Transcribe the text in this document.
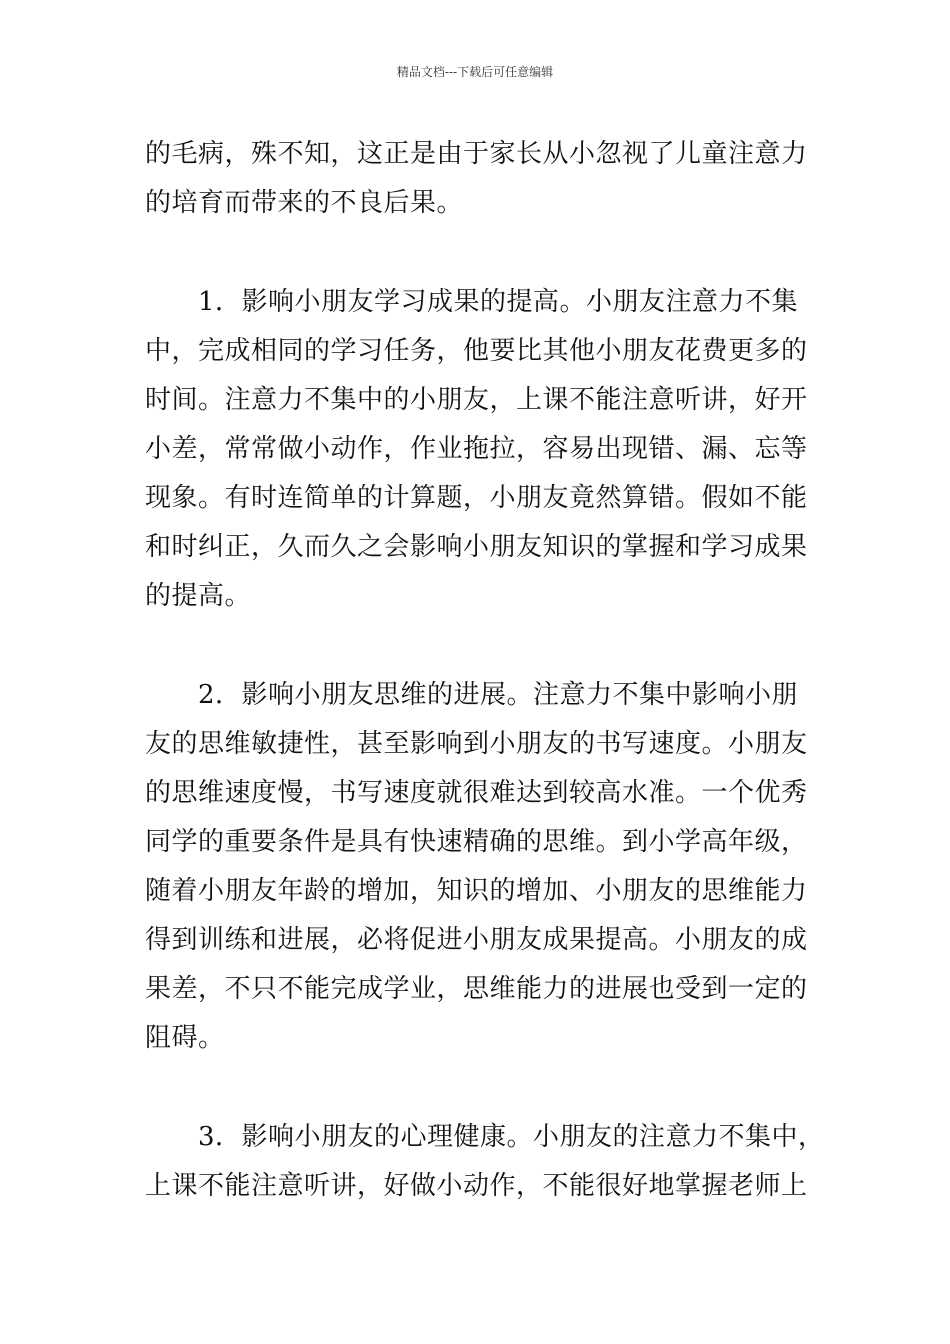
精品文档---下载后可任意编辑

的毛病，殊不知，这正是由于家长从小忽视了儿童注意力

的培育而带来的不良后果。

　　1．影响小朋友学习成果的提高。小朋友注意力不集

中，完成相同的学习任务，他要比其他小朋友花费更多的

时间。注意力不集中的小朋友，上课不能注意听讲，好开

小差，常常做小动作，作业拖拉，容易出现错、漏、忘等

现象。有时连简单的计算题，小朋友竟然算错。假如不能

和时纠正，久而久之会影响小朋友知识的掌握和学习成果

的提高。

　　2．影响小朋友思维的进展。注意力不集中影响小朋

友的思维敏捷性，甚至影响到小朋友的书写速度。小朋友

的思维速度慢，书写速度就很难达到较高水准。一个优秀

同学的重要条件是具有快速精确的思维。到小学高年级，

随着小朋友年龄的增加，知识的增加、小朋友的思维能力

得到训练和进展，必将促进小朋友成果提高。小朋友的成

果差，不只不能完成学业，思维能力的进展也受到一定的

阻碍。

　　3．影响小朋友的心理健康。小朋友的注意力不集中，

上课不能注意听讲，好做小动作，不能很好地掌握老师上
